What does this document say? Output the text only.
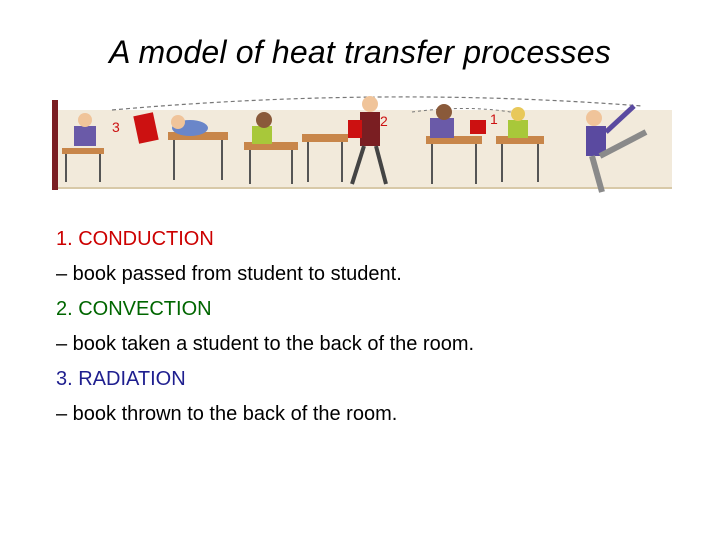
A model of heat transfer processes
3	2	1
1. CONDUCTION
– book passed from student to student.
2. CONVECTION
– book taken a student to the back of the room.
3. RADIATION
– book thrown to the back of the room.
